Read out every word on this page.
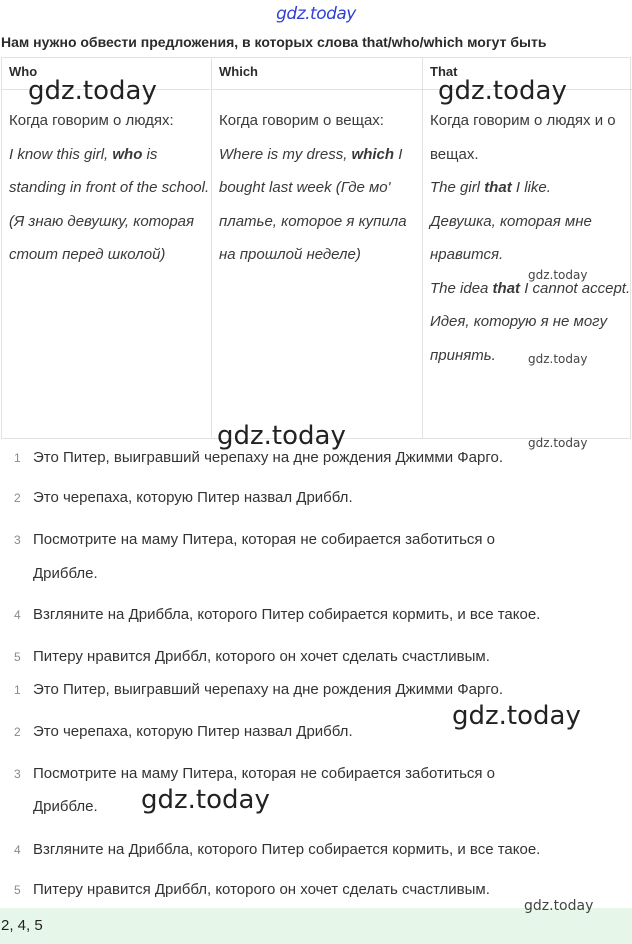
gdz.today
Нам нужно обвести предложения, в которых слова that/who/which могут быть
Who

Когда говорим о людях:

I know this girl, who is standing in front of the school. (Я знаю девушку, которая стоит перед школой)

Which

Когда говорим о вещах:

Where is my dress, which I bought last week (Где мо' платье, которое я купила на прошлой неделе)

That

Когда говорим о людях и о вещах.

The girl that I like.

Девушка, которая мне нравится.

The idea that I cannot accept.

Идея, которую я не могу принять.

1 Это Питер, выигравший черепаху на дне рождения Джимми Фарго.
2 Это черепаха, которую Питер назвал Дриббл.
3 Посмотрите на маму Питера, которая не собирается заботиться о
Дриббле.
4 Взгляните на Дриббла, которого Питер собирается кормить, и все такое.
5 Питеру нравится Дриббл, которого он хочет сделать счастливым.
1 Это Питер, выигравший черепаху на дне рождения Джимми Фарго.
2 Это черепаха, которую Питер назвал Дриббл.
3 Посмотрите на маму Питера, которая не собирается заботиться о
Дрибблe.
4 Взгляните на Дриббла, которого Питер собирается кормить, и все такое.
5 Питеру нравится Дриббл, которого он хочет сделать счастливым.
2, 4, 5
gdz.today	gdz.today
gdz.today
gdz.today
gdz.today
gdz.today
gdz.today
gdz.today
gdz.today
